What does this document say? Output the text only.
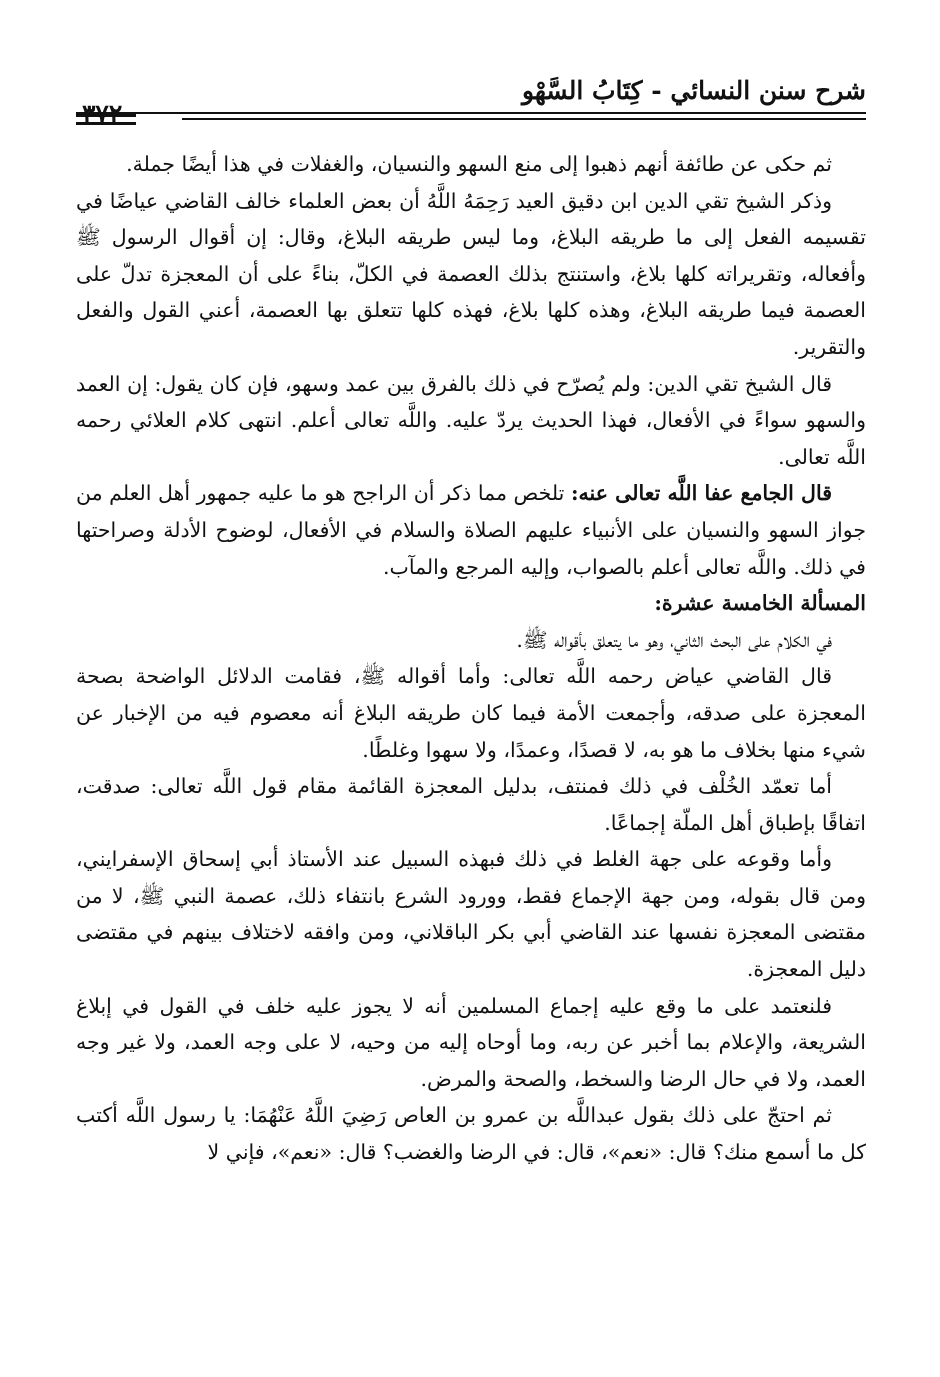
شرح سنن النسائي - كِتَابُ السَّهْو
٣٧٢

ثم حكى عن طائفة أنهم ذهبوا إلى منع السهو والنسيان، والغفلات في هذا أيضًا جملة.

وذكر الشيخ تقي الدين ابن دقيق العيد رَحِمَهُ اللَّهُ أن بعض العلماء خالف القاضي عياضًا في تقسيمه الفعل إلى ما طريقه البلاغ، وما ليس طريقه البلاغ، وقال: إن أقوال الرسول ﷺ وأفعاله، وتقريراته كلها بلاغ، واستنتج بذلك العصمة في الكلّ، بناءً على أن المعجزة تدلّ على العصمة فيما طريقه البلاغ، وهذه كلها بلاغ، فهذه كلها تتعلق بها العصمة، أعني القول والفعل والتقرير.

قال الشيخ تقي الدين: ولم يُصرّح في ذلك بالفرق بين عمد وسهو، فإن كان يقول: إن العمد والسهو سواءً في الأفعال، فهذا الحديث يردّ عليه. واللَّه تعالى أعلم. انتهى كلام العلائي رحمه اللَّه تعالى.

قال الجامع عفا اللَّه تعالى عنه: تلخص مما ذكر أن الراجح هو ما عليه جمهور أهل العلم من جواز السهو والنسيان على الأنبياء عليهم الصلاة والسلام في الأفعال، لوضوح الأدلة وصراحتها في ذلك. واللَّه تعالى أعلم بالصواب، وإليه المرجع والمآب.

المسألة الخامسة عشرة:

في الكلام على البحث الثاني، وهو ما يتعلق بأقواله ﷺ.

قال القاضي عياض رحمه اللَّه تعالى: وأما أقواله ﷺ، فقامت الدلائل الواضحة بصحة المعجزة على صدقه، وأجمعت الأمة فيما كان طريقه البلاغ أنه معصوم فيه من الإخبار عن شيء منها بخلاف ما هو به، لا قصدًا، وعمدًا، ولا سهوا وغلطًا.

أما تعمّد الخُلْف في ذلك فمنتف، بدليل المعجزة القائمة مقام قول اللَّه تعالى: صدقت، اتفاقًا بإطباق أهل الملّة إجماعًا.

وأما وقوعه على جهة الغلط في ذلك فبهذه السبيل عند الأستاذ أبي إسحاق الإسفرايني، ومن قال بقوله، ومن جهة الإجماع فقط، وورود الشرع بانتفاء ذلك، عصمة النبي ﷺ، لا من مقتضى المعجزة نفسها عند القاضي أبي بكر الباقلاني، ومن وافقه لاختلاف بينهم في مقتضى دليل المعجزة.

فلنعتمد على ما وقع عليه إجماع المسلمين أنه لا يجوز عليه خلف في القول في إبلاغ الشريعة، والإعلام بما أخبر عن ربه، وما أوحاه إليه من وحيه، لا على وجه العمد، ولا غير وجه العمد، ولا في حال الرضا والسخط، والصحة والمرض.

ثم احتجّ على ذلك بقول عبداللَّه بن عمرو بن العاص رَضِيَ اللَّهُ عَنْهُمَا: يا رسول اللَّه أكتب كل ما أسمع منك؟ قال: «نعم»، قال: في الرضا والغضب؟ قال: «نعم»، فإني لا
